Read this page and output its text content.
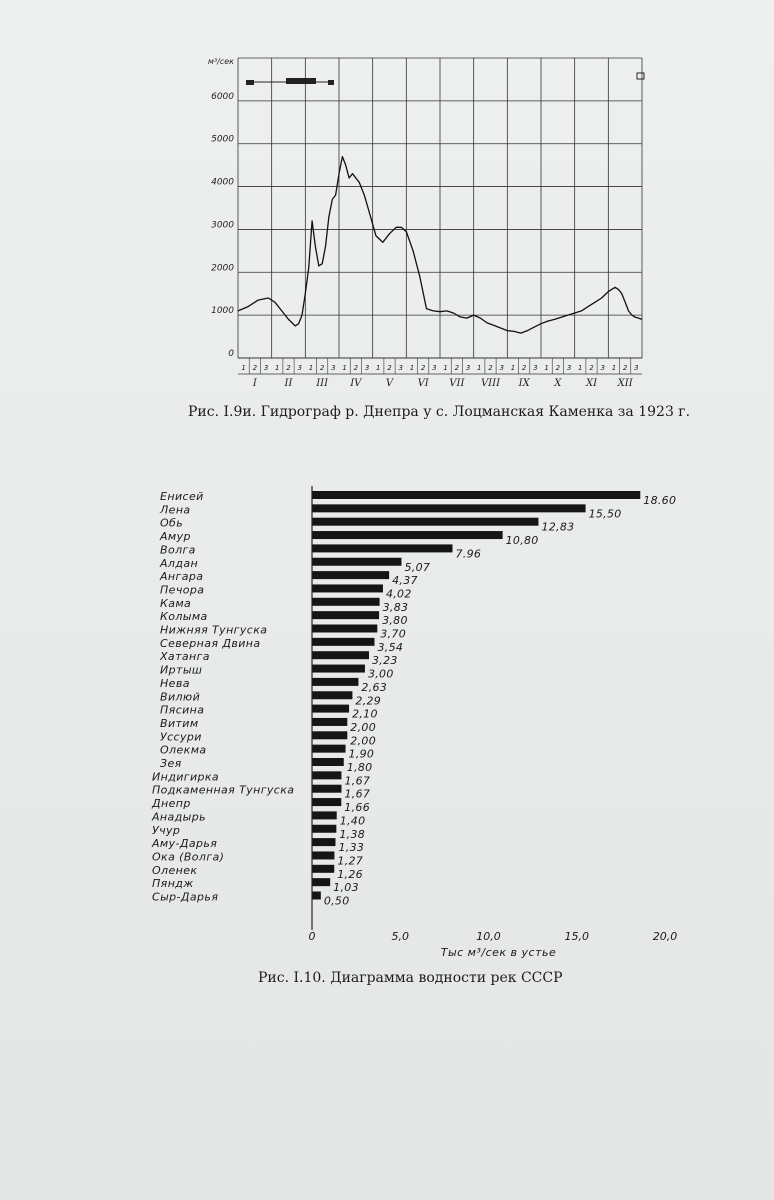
0
1000
2000
3000
4000
5000
6000
м³/сек
1 2 3
I
1 2 3
II
1 2 3
III
1 2 3
IV
1 2 3
V
1 2 3
VI
1 2 3
VII
1 2 3
VIII
1 2 3
IX
1 2 3
X
1 2 3
XI
1 2 3
XII
Рис. I.9и. Гидрограф р. Днепра у с. Лоцманская Каменка за 1923 г.
Енисей
Лена
Обь
Амур
Волга
Алдан
Ангара
Печора
Кама
Колыма
Нижняя Тунгуска
Северная Двина
Хатанга
Иртыш
Нева
Вилюй
Пясина
Витим
Уссури
Олекма
Зея
Индигирка
Подкаменная Тунгуска
Днепр
Анадырь
Учур
Аму-Дарья
Ока (Волга)
Оленек
Пяндж
Сыр-Дарья
18.60
15,50
12,83
10,80
7.96
5,07
4,37
4,02
3,83
3,80
3,70
3,54
3,23
3,00
2,63
2,29
2,10
2,00
2,00
1,90
1,80
1,67
1,67
1,66
1,40
1,38
1,33
1,27
1,26
1,03
0,50
0	5,0	10,0	15,0	20,0
Тыс м³/сек в устье
Рис. I.10. Диаграмма водности рек СССР
